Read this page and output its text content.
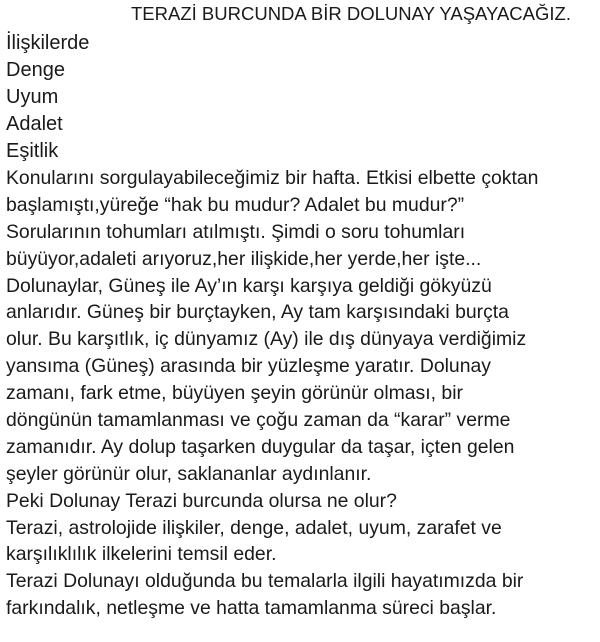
TERAZİ BURCUNDA BİR DOLUNAY YAŞAYACAĞIZ.
İlişkilerde
Denge
Uyum
Adalet
Eşitlik
Konularını sorgulayabileceğimiz bir hafta. Etkisi elbette çoktan
başlamıştı,yüreğe “hak bu mudur? Adalet bu mudur?”
Sorularının tohumları atılmıştı. Şimdi o soru tohumları
büyüyor,adaleti arıyoruz,her ilişkide,her yerde,her işte...
Dolunaylar, Güneş ile Ay’ın karşı karşıya geldiği gökyüzü
anlarıdır. Güneş bir burçtayken, Ay tam karşısındaki burçta
olur. Bu karşıtlık, iç dünyamız (Ay) ile dış dünyaya verdiğimiz
yansıma (Güneş) arasında bir yüzleşme yaratır. Dolunay
zamanı, fark etme, büyüyen şeyin görünür olması, bir
döngünün tamamlanması ve çoğu zaman da “karar” verme
zamanıdır. Ay dolup taşarken duygular da taşar, içten gelen
şeyler görünür olur, saklananlar aydınlanır.
Peki Dolunay Terazi burcunda olursa ne olur?
Terazi, astrolojide ilişkiler, denge, adalet, uyum, zarafet ve
karşılıklılık ilkelerini temsil eder.
Terazi Dolunayı olduğunda bu temalarla ilgili hayatımızda bir
farkındalık, netleşme ve hatta tamamlanma süreci başlar.
